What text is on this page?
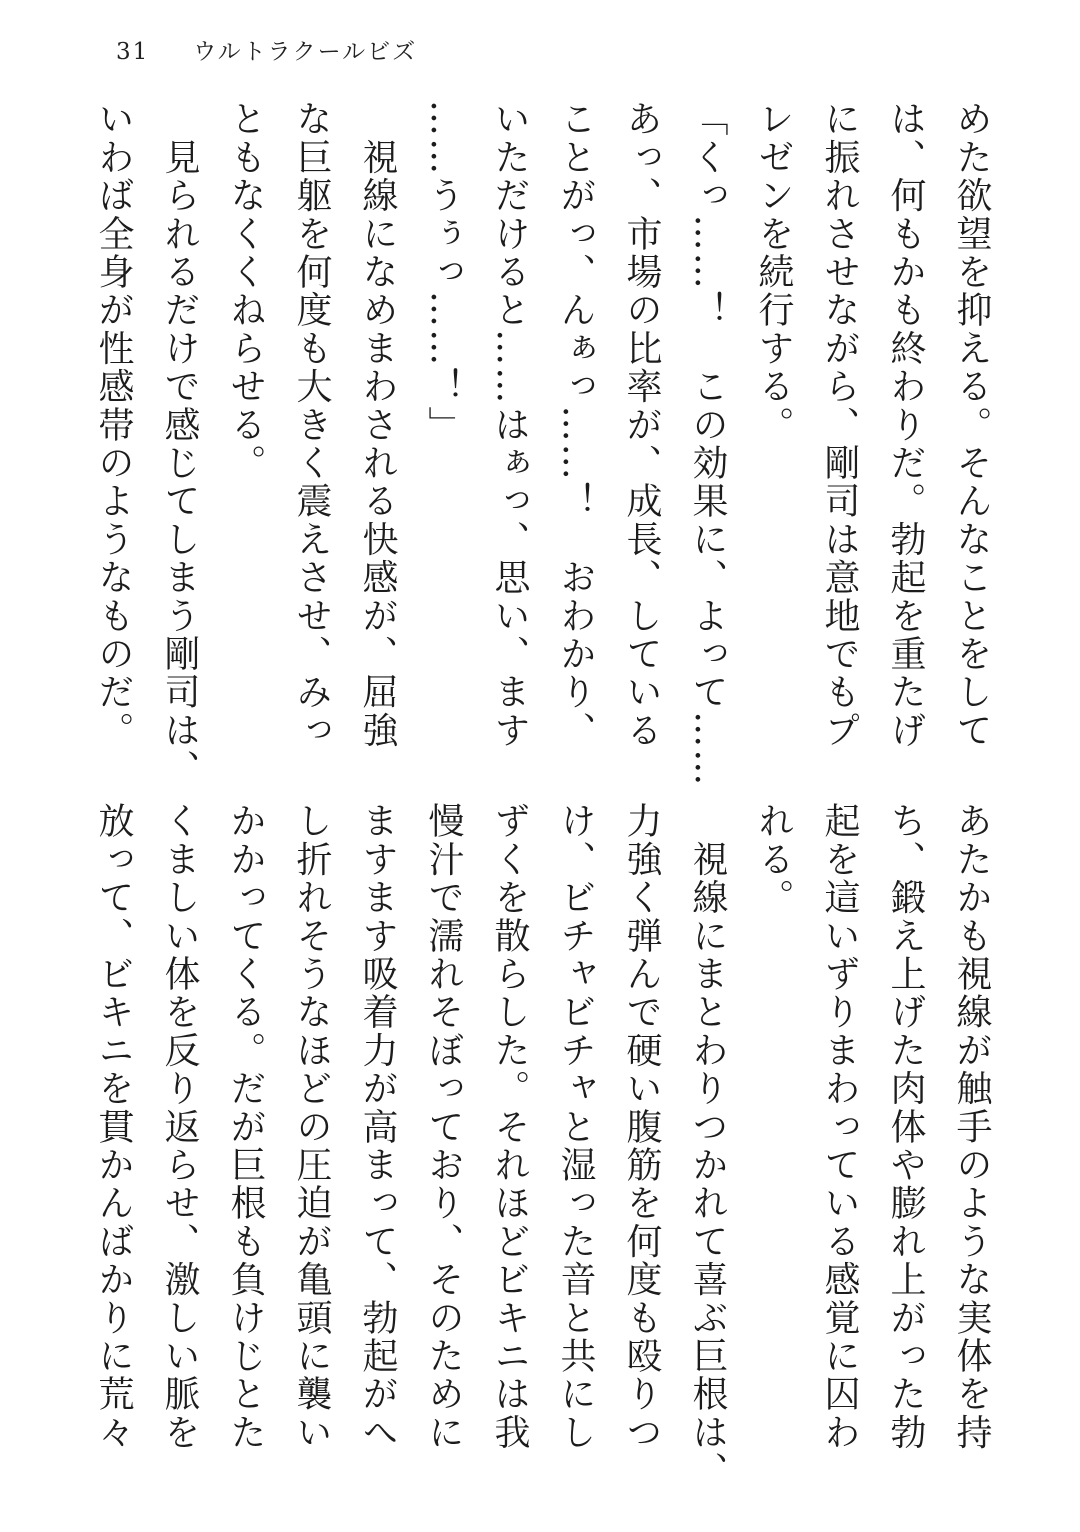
31 ウルトラクールビズ
めた欲望を抑える。そんなことをして
は、何もかも終わりだ。勃起を重たげ
に振れさせながら、剛司は意地でもプ
レゼンを続行する。
「くっ……！　この効果に、よって……
あっ、市場の比率が、成長、している
ことがっ、んぁっ……！　おわかり、
いただけると……はぁっ、思い、ます
……うぅっ……！」
　視線になめまわされる快感が、屈強
な巨躯を何度も大きく震えさせ、みっ
ともなくくねらせる。
　見られるだけで感じてしまう剛司は、
いわば全身が性感帯のようなものだ。
あたかも視線が触手のような実体を持
ち、鍛え上げた肉体や膨れ上がった勃
起を這いずりまわっている感覚に囚わ
れる。
　視線にまとわりつかれて喜ぶ巨根は、
力強く弾んで硬い腹筋を何度も殴りつ
け、ビチャビチャと湿った音と共にし
ずくを散らした。それほどビキニは我
慢汁で濡れそぼっており、そのために
ますます吸着力が高まって、勃起がへ
し折れそうなほどの圧迫が亀頭に襲い
かかってくる。だが巨根も負けじとた
くましい体を反り返らせ、激しい脈を
放って、ビキニを貫かんばかりに荒々
